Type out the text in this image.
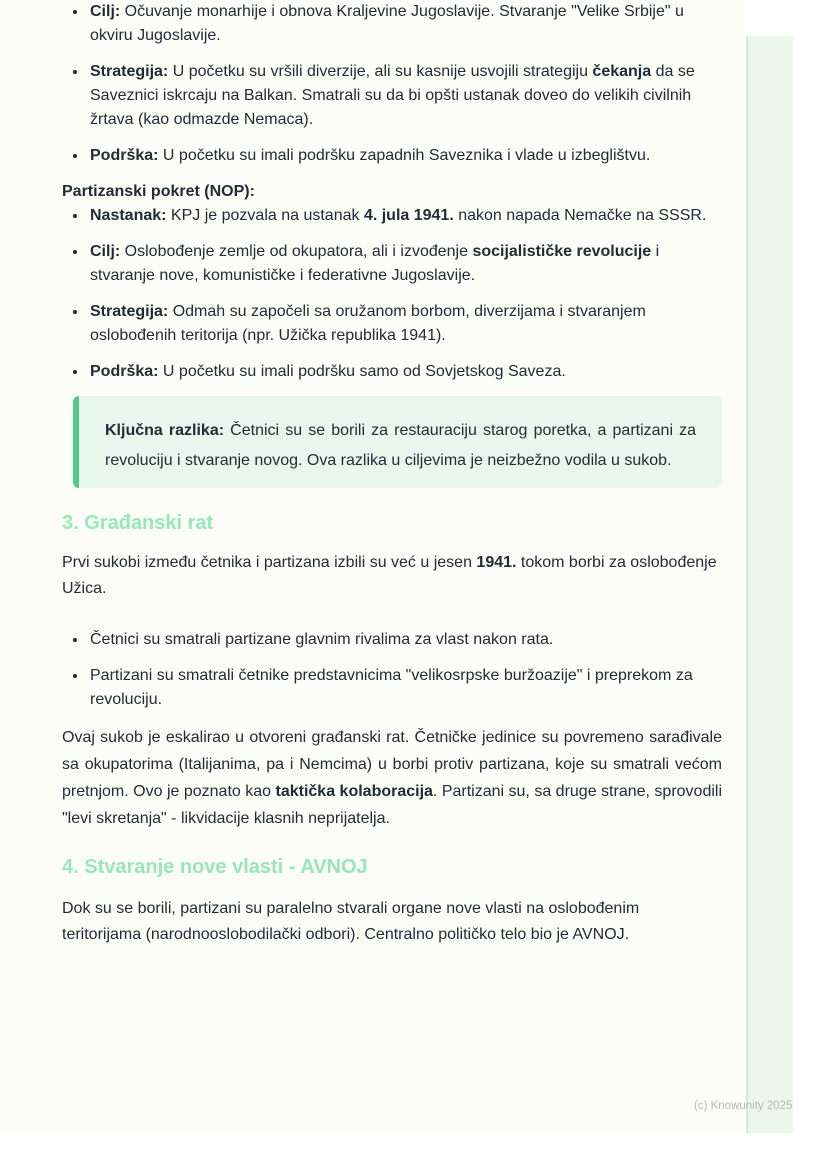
• Cilj: Očuvanje monarhije i obnova Kraljevine Jugoslavije. Stvaranje "Velike Srbije" u okviru Jugoslavije.
• Strategija: U početku su vršili diverzije, ali su kasnije usvojili strategiju čekanja da se Saveznici iskrcaju na Balkan. Smatrali su da bi opšti ustanak doveo do velikih civilnih žrtava (kao odmazde Nemaca).
• Podrška: U početku su imali podršku zapadnih Saveznika i vlade u izbeglištvu.

Partizanski pokret (NOP):

• Nastanak: KPJ je pozvala na ustanak 4. jula 1941. nakon napada Nemačke na SSSR.
• Cilj: Oslobođenje zemlje od okupatora, ali i izvođenje socijalističke revolucije i stvaranje nove, komunističke i federativne Jugoslavije.
• Strategija: Odmah su započeli sa oružanom borbom, diverzijama i stvaranjem oslobođenih teritorija (npr. Užička republika 1941).
• Podrška: U početku su imali podršku samo od Sovjetskog Saveza.

Ključna razlika: Četnici su se borili za restauraciju starog poretka, a partizani za revoluciju i stvaranje novog. Ova razlika u ciljevima je neizbežno vodila u sukob.

3. Građanski rat

Prvi sukobi između četnika i partizana izbili su već u jesen 1941. tokom borbi za oslobođenje Užica.

• Četnici su smatrali partizane glavnim rivalima za vlast nakon rata.
• Partizani su smatrali četnike predstavnicima "velikosrpske buržoazije" i preprekom za revoluciju.

Ovaj sukob je eskalirao u otvoreni građanski rat. Četničke jedinice su povremeno sarađivale sa okupatorima (Italijanima, pa i Nemcima) u borbi protiv partizana, koje su smatrali većom pretnjom. Ovo je poznato kao taktička kolaboracija. Partizani su, sa druge strane, sprovodili "levi skretanja" - likvidacije klasnih neprijatelja.

4. Stvaranje nove vlasti - AVNOJ

Dok su se borili, partizani su paralelno stvarali organe nove vlasti na oslobođenim teritorijama (narodnooslobodilački odbori). Centralno političko telo bio je AVNOJ.

(c) Knowunity 2025
